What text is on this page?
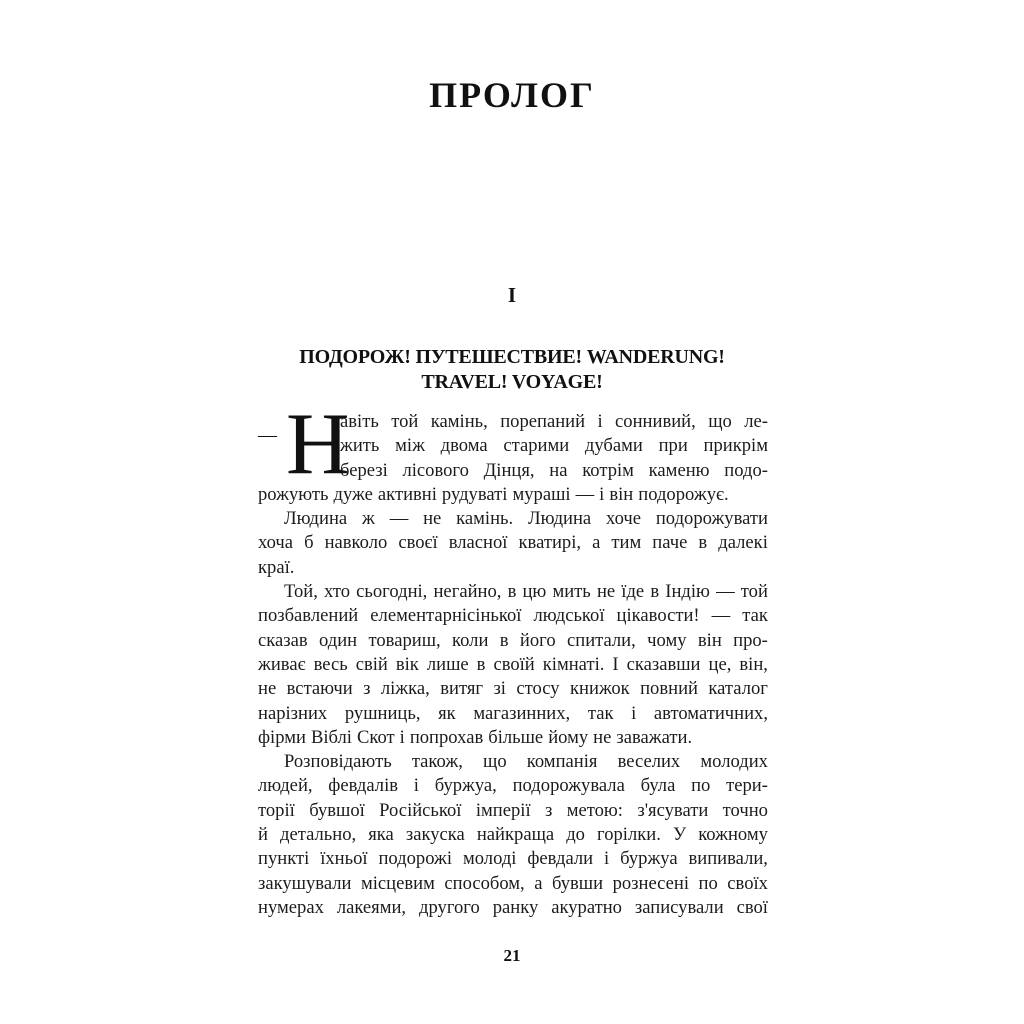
ПРОЛОГ
I
ПОДОРОЖ! ПУТЕШЕСТВИЕ! WANDERUNG!
TRAVEL! VOYAGE!
— Н
авіть той камінь, порепаний і соннивий, що ле-
жить між двома старими дубами при прикрім
березі лісового Дінця, на котрім каменю подо-
рожують дуже активні рудуваті мураші — і він подорожує.
Людина ж — не камінь. Людина хоче подорожувати
хоча б навколо своєї власної кватирі, а тим паче в далекі
краї.
Той, хто сьогодні, негайно, в цю мить не їде в Індію — той
позбавлений елементарнісінької людської цікавости! — так
сказав один товариш, коли в його спитали, чому він про-
живає весь свій вік лише в своїй кімнаті. І сказавши це, він,
не встаючи з ліжка, витяг зі стосу книжок повний каталог
нарізних рушниць, як магазинних, так і автоматичних,
фірми Віблі Скот і попрохав більше йому не заважати.
Розповідають також, що компанія веселих молодих
людей, февдалів і буржуа, подорожувала була по тери-
торії бувшої Російської імперії з метою: з'ясувати точно
й детально, яка закуска найкраща до горілки. У кожному
пункті їхньої подорожі молоді февдали і буржуа випивали,
закушували місцевим способом, а бувши рознесені по своїх
нумерах лакеями, другого ранку акуратно записували свої
21
